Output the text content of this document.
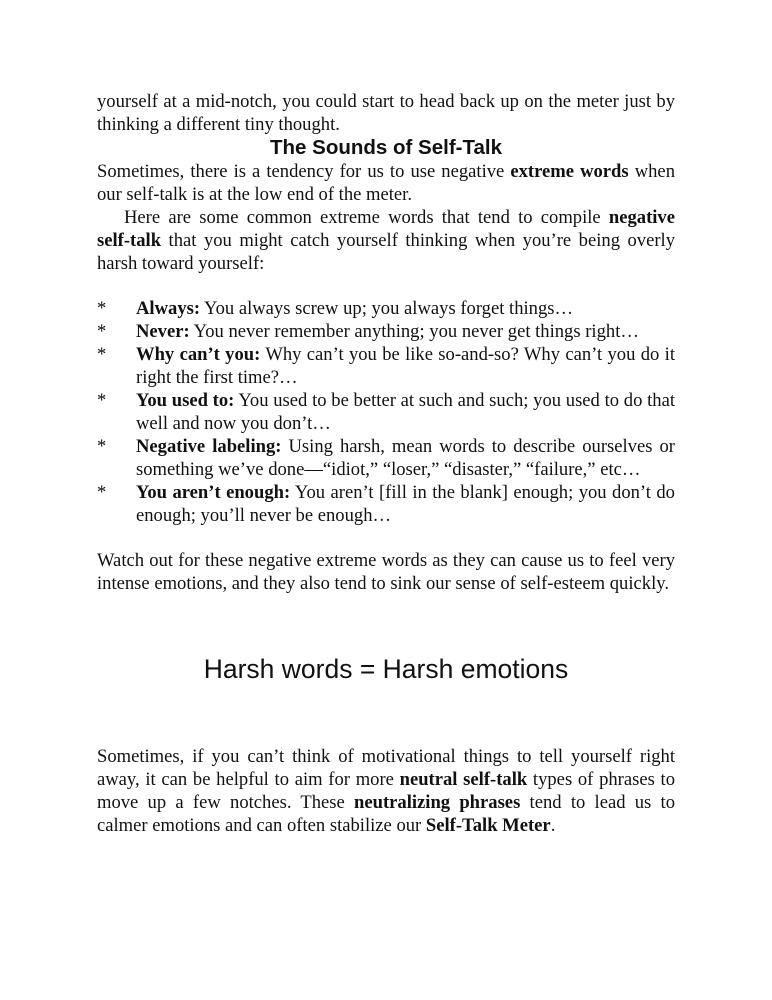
yourself at a mid-notch, you could start to head back up on the meter just by thinking a different tiny thought.

The Sounds of Self-Talk

Sometimes, there is a tendency for us to use negative extreme words when our self-talk is at the low end of the meter.

Here are some common extreme words that tend to compile negative self-talk that you might catch yourself thinking when you’re being overly harsh toward yourself:

* Always: You always screw up; you always forget things…
* Never: You never remember anything; you never get things right…
* Why can’t you: Why can’t you be like so-and-so? Why can’t you do it right the first time?…
* You used to: You used to be better at such and such; you used to do that well and now you don’t…
* Negative labeling: Using harsh, mean words to describe ourselves or something we’ve done—“idiot,” “loser,” “disaster,” “failure,” etc…
* You aren’t enough: You aren’t [fill in the blank] enough; you don’t do enough; you’ll never be enough…

Watch out for these negative extreme words as they can cause us to feel very intense emotions, and they also tend to sink our sense of self-esteem quickly.

Harsh words = Harsh emotions

Sometimes, if you can’t think of motivational things to tell yourself right away, it can be helpful to aim for more neutral self-talk types of phrases to move up a few notches. These neutralizing phrases tend to lead us to calmer emotions and can often stabilize our Self-Talk Meter.
